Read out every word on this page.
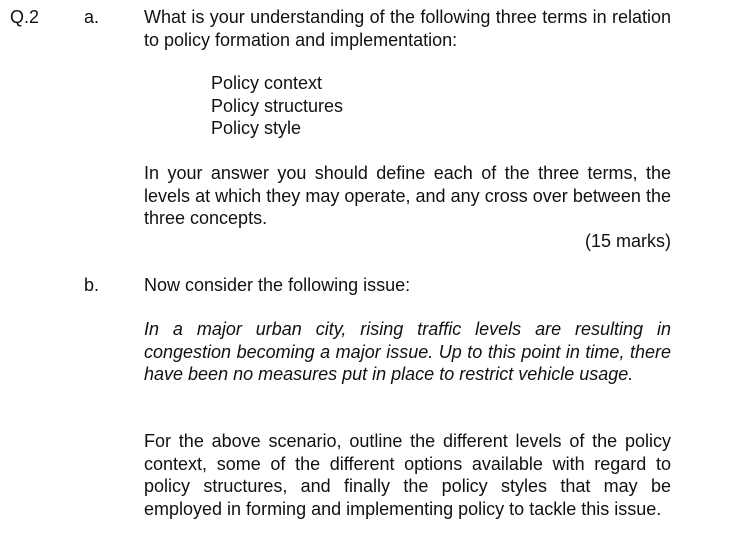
Q.2 a. What is your understanding of the following three terms in relation to policy formation and implementation:
Policy context
Policy structures
Policy style
In your answer you should define each of the three terms, the levels at which they may operate, and any cross over between the three concepts.
(15 marks)
b. Now consider the following issue:
In a major urban city, rising traffic levels are resulting in congestion becoming a major issue. Up to this point in time, there have been no measures put in place to restrict vehicle usage.
For the above scenario, outline the different levels of the policy context, some of the different options available with regard to policy structures, and finally the policy styles that may be employed in forming and implementing policy to tackle this issue.
